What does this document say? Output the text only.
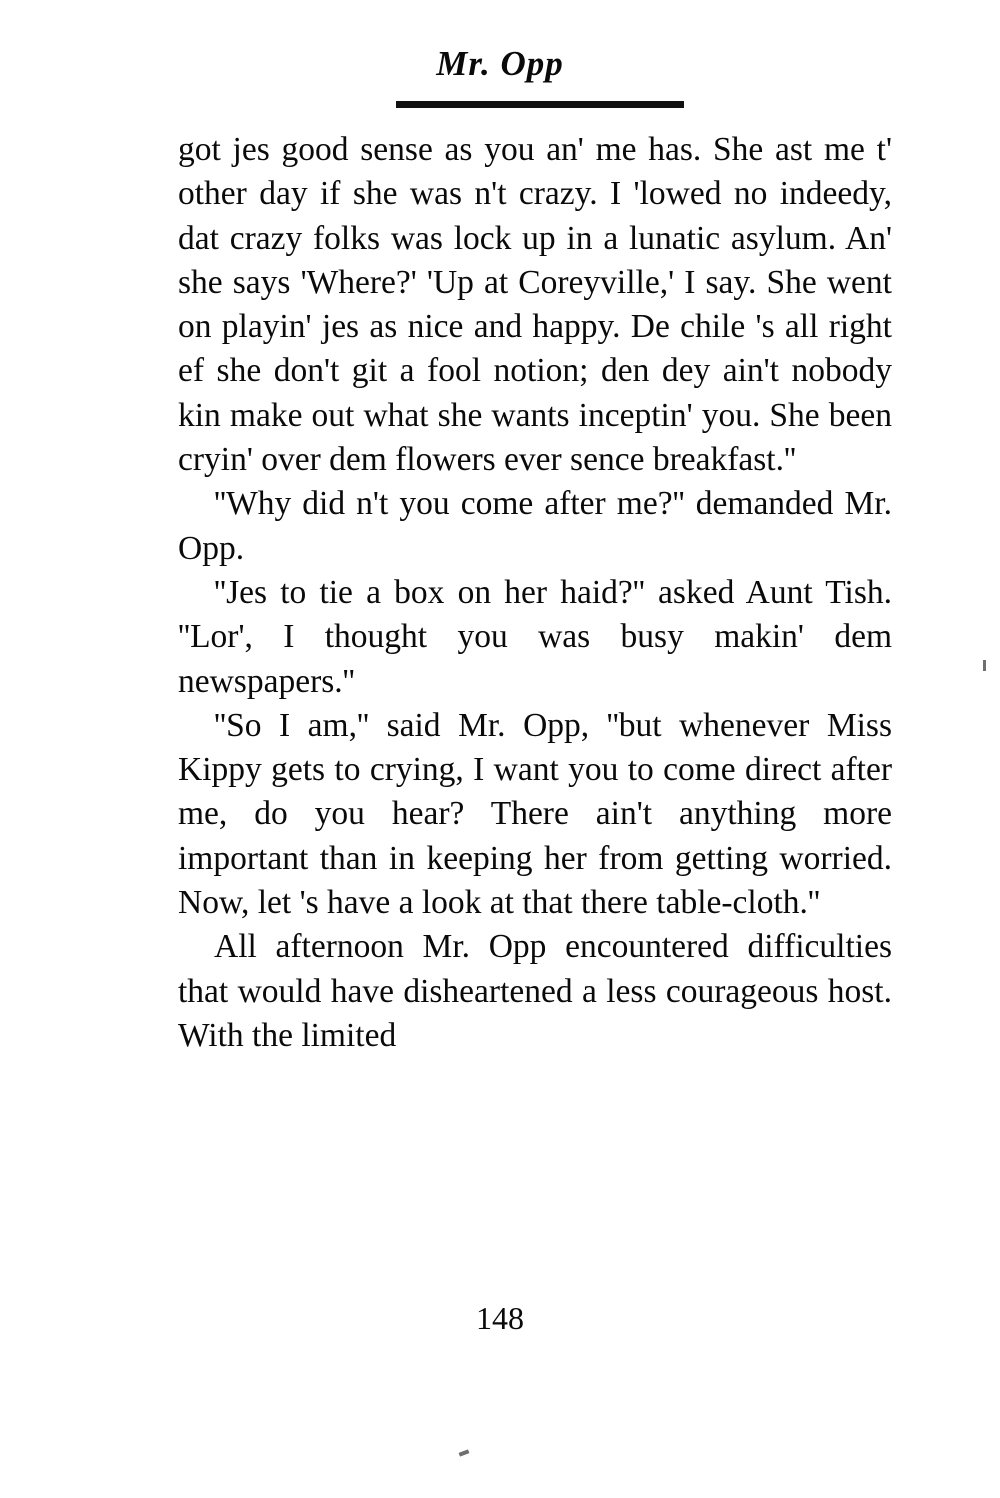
Mr. Opp

got jes good sense as you an' me has. She ast me t' other day if she was n't crazy. I 'lowed no indeedy, dat crazy folks was lock up in a lunatic asylum. An' she says 'Where?' 'Up at Coreyville,' I say. She went on playin' jes as nice and happy. De chile 's all right ef she don't git a fool notion; den dey ain't nobody kin make out what she wants inceptin' you. She been cryin' over dem flowers ever sence breakfast.''

''Why did n't you come after me?'' demanded Mr. Opp.

''Jes to tie a box on her haid?'' asked Aunt Tish. ''Lor', I thought you was busy makin' dem newspapers.''

''So I am,'' said Mr. Opp, ''but whenever Miss Kippy gets to crying, I want you to come direct after me, do you hear? There ain't anything more important than in keeping her from getting worried. Now, let 's have a look at that there table-cloth.''

All afternoon Mr. Opp encountered difficulties that would have disheartened a less courageous host. With the limited

148
